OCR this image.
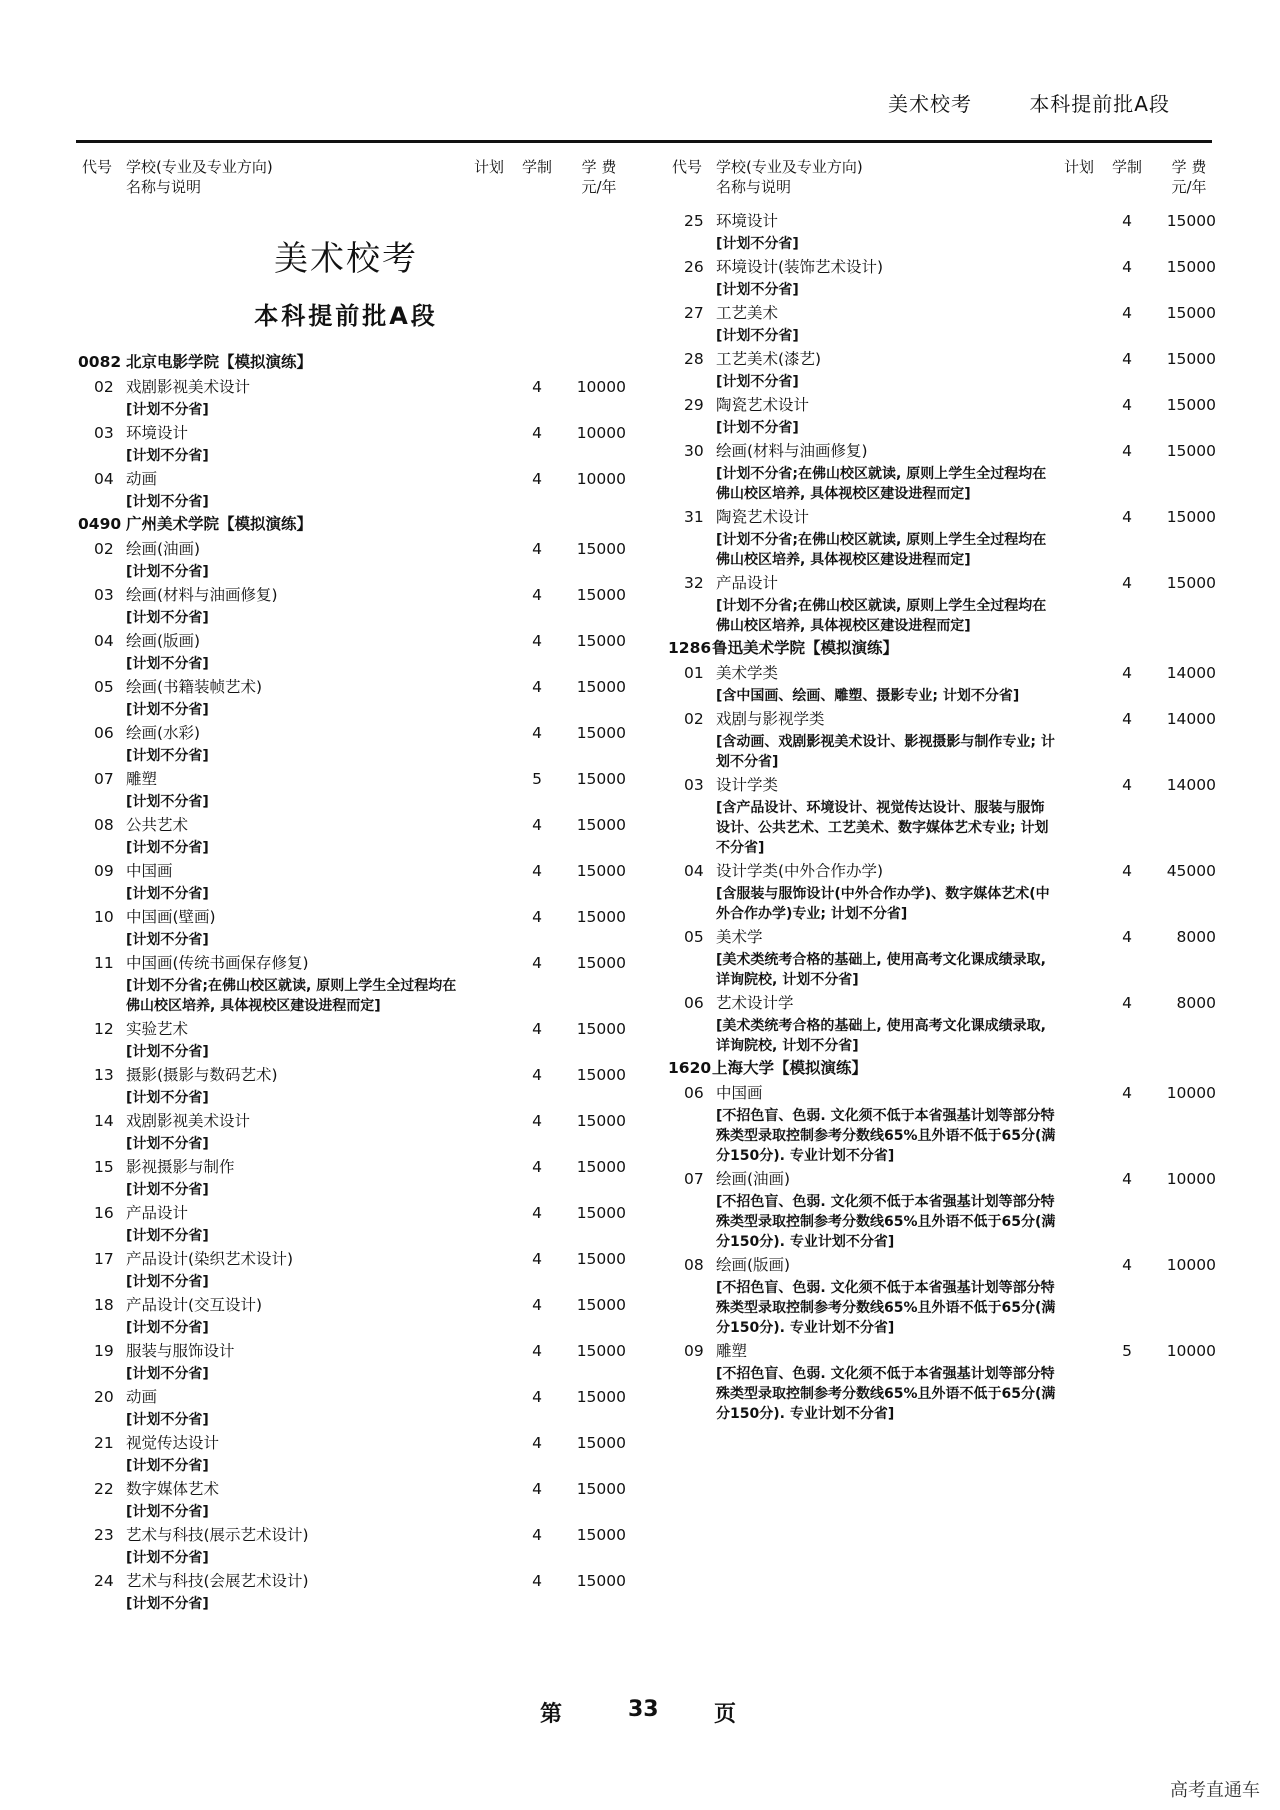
美术校考	本科提前批A段
代号 学校(专业及专业方向)
名称与说明
计划 学制	学 费
元/年
美术校考
本科提前批A段
0082 北京电影学院【模拟演练】
02 戏剧影视美术设计	4	10000
[计划不分省]
03 环境设计	4	10000
[计划不分省]
04 动画	4	10000
[计划不分省]
0490 广州美术学院【模拟演练】
02 绘画(油画)	4	15000
[计划不分省]
03 绘画(材料与油画修复)	4	15000
[计划不分省]
04 绘画(版画)	4	15000
[计划不分省]
05 绘画(书籍装帧艺术)	4	15000
[计划不分省]
06 绘画(水彩)	4	15000
[计划不分省]
07 雕塑	5	15000
[计划不分省]
08 公共艺术	4	15000
[计划不分省]
09 中国画	4	15000
[计划不分省]
10 中国画(壁画)	4	15000
[计划不分省]
11 中国画(传统书画保存修复)	4	15000
[计划不分省;在佛山校区就读, 原则上学生全过程均在佛山校区培养, 具体视校区建设进程而定]
12 实验艺术	4	15000
[计划不分省]
13 摄影(摄影与数码艺术)	4	15000
[计划不分省]
14 戏剧影视美术设计	4	15000
[计划不分省]
15 影视摄影与制作	4	15000
[计划不分省]
16 产品设计	4	15000
[计划不分省]
17 产品设计(染织艺术设计)	4	15000
[计划不分省]
18 产品设计(交互设计)	4	15000
[计划不分省]
19 服装与服饰设计	4	15000
[计划不分省]
20 动画	4	15000
[计划不分省]
21 视觉传达设计	4	15000
[计划不分省]
22 数字媒体艺术	4	15000
[计划不分省]
23 艺术与科技(展示艺术设计)	4	15000
[计划不分省]
24 艺术与科技(会展艺术设计)	4	15000
[计划不分省]
代号 学校(专业及专业方向)
名称与说明
计划 学制	学 费
元/年
25 环境设计	4	15000
[计划不分省]
26 环境设计(装饰艺术设计)	4	15000
[计划不分省]
27 工艺美术	4	15000
[计划不分省]
28 工艺美术(漆艺)	4	15000
[计划不分省]
29 陶瓷艺术设计	4	15000
[计划不分省]
30 绘画(材料与油画修复)	4	15000
[计划不分省;在佛山校区就读, 原则上学生全过程均在佛山校区培养, 具体视校区建设进程而定]
31 陶瓷艺术设计	4	15000
[计划不分省;在佛山校区就读, 原则上学生全过程均在佛山校区培养, 具体视校区建设进程而定]
32 产品设计	4	15000
[计划不分省;在佛山校区就读, 原则上学生全过程均在佛山校区培养, 具体视校区建设进程而定]
1286 鲁迅美术学院【模拟演练】
01 美术学类	4	14000
[含中国画、绘画、雕塑、摄影专业; 计划不分省]
02 戏剧与影视学类	4	14000
[含动画、戏剧影视美术设计、影视摄影与制作专业; 计划不分省]
03 设计学类	4	14000
[含产品设计、环境设计、视觉传达设计、服装与服饰设计、公共艺术、工艺美术、数字媒体艺术专业; 计划不分省]
04 设计学类(中外合作办学)	4	45000
[含服装与服饰设计(中外合作办学)、数字媒体艺术(中外合作办学)专业; 计划不分省]
05 美术学	4	8000
[美术类统考合格的基础上, 使用高考文化课成绩录取, 详询院校, 计划不分省]
06 艺术设计学	4	8000
[美术类统考合格的基础上, 使用高考文化课成绩录取, 详询院校, 计划不分省]
1620 上海大学【模拟演练】
06 中国画	4	10000
[不招色盲、色弱. 文化须不低于本省强基计划等部分特殊类型录取控制参考分数线65%且外语不低于65分(满分150分). 专业计划不分省]
07 绘画(油画)	4	10000
[不招色盲、色弱. 文化须不低于本省强基计划等部分特殊类型录取控制参考分数线65%且外语不低于65分(满分150分). 专业计划不分省]
08 绘画(版画)	4	10000
[不招色盲、色弱. 文化须不低于本省强基计划等部分特殊类型录取控制参考分数线65%且外语不低于65分(满分150分). 专业计划不分省]
09 雕塑	5	10000
[不招色盲、色弱. 文化须不低于本省强基计划等部分特殊类型录取控制参考分数线65%且外语不低于65分(满分150分). 专业计划不分省]
第	33	页
高考直通车
